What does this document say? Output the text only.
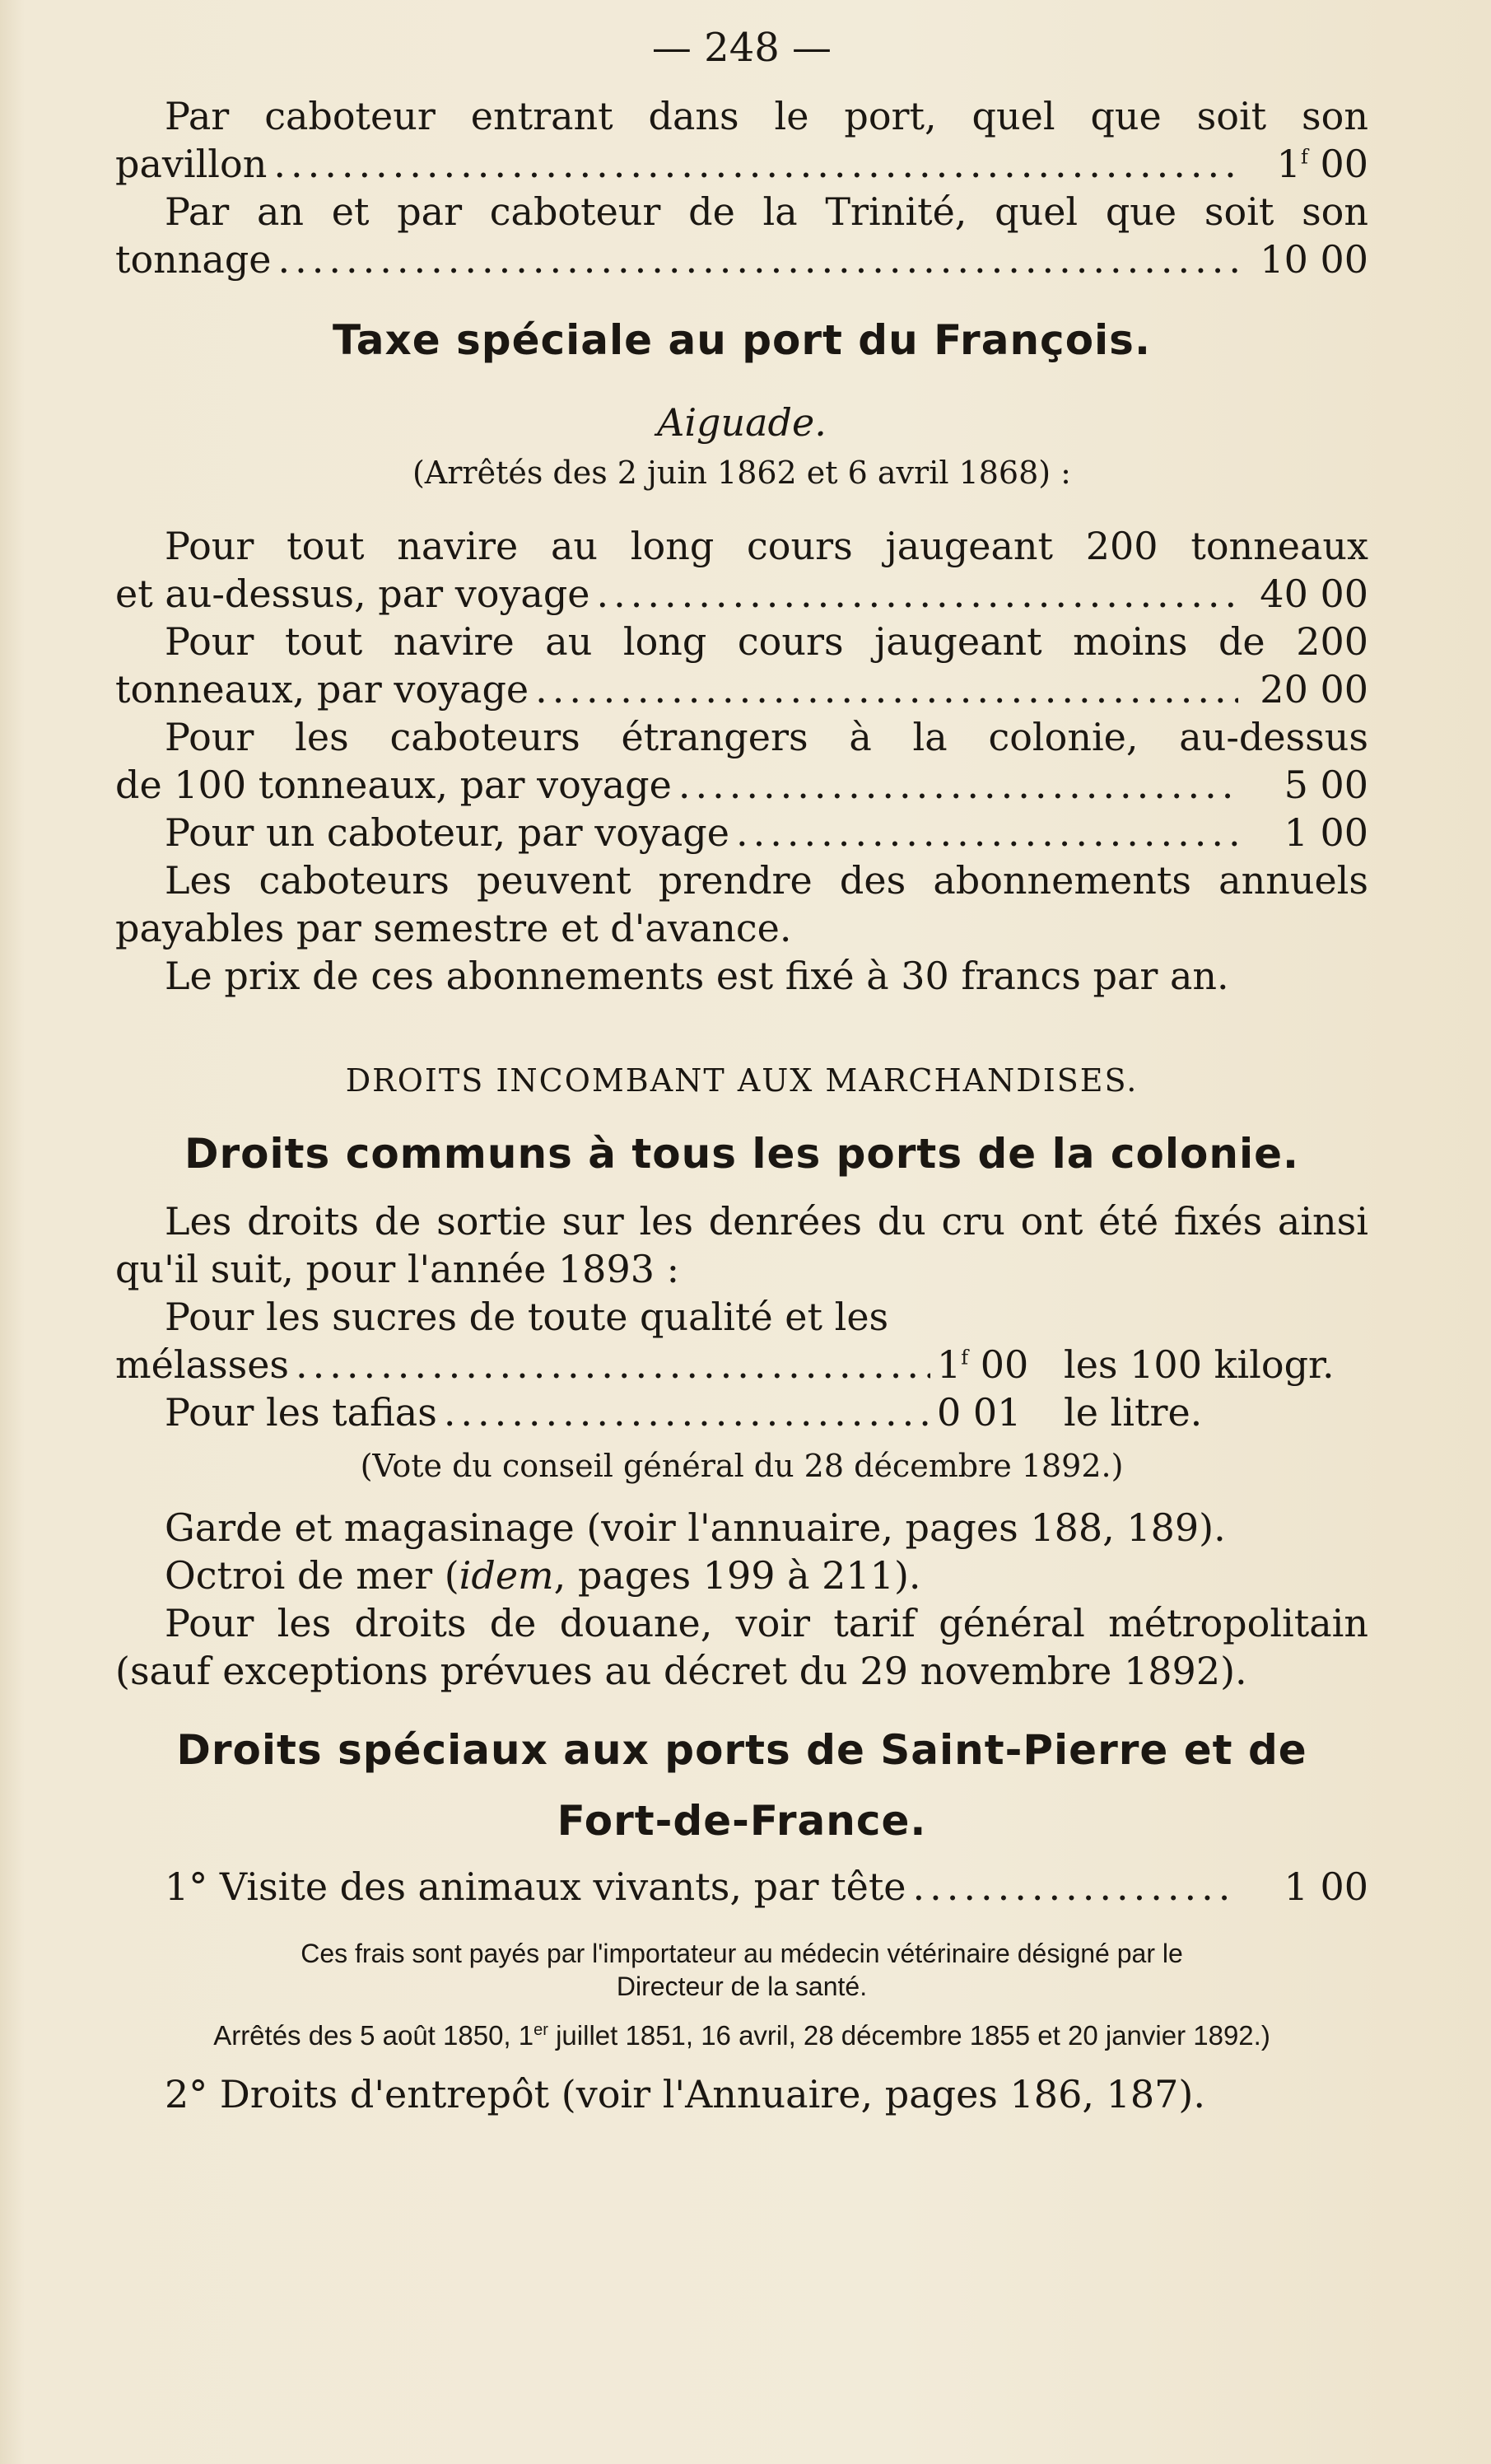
— 248 —
Par caboteur entrant dans le port, quel que soit son
pavillon .....	1$^f$ 00
Par an et par caboteur de la Trinité, quel que soit son
tonnage .....	10 00
Taxe spéciale au port du François.
Aiguade.
(Arrêtés des 2 juin 1862 et 6 avril 1868) :
Pour tout navire au long cours jaugeant 200 tonneaux
et au-dessus, par voyage .....	40 00
Pour tout navire au long cours jaugeant moins de 200
tonneaux, par voyage .....	20 00
Pour les caboteurs étrangers à la colonie, au-dessus
de 100 tonneaux, par voyage .....	5 00
Pour un caboteur, par voyage .....	1 00
Les caboteurs peuvent prendre des abonnements annuels
payables par semestre et d'avance.
Le prix de ces abonnements est fixé à 30 francs par an.
DROITS INCOMBANT AUX MARCHANDISES.
Droits communs à tous les ports de la colonie.
Les droits de sortie sur les denrées du cru ont été fixés ainsi
qu'il suit, pour l'année 1893 :
Pour les sucres de toute qualité et les
mélasses .....	1$^f$ 00 les 100 kilogr.
Pour les tafias .....	0 01	le litre.
(Vote du conseil général du 28 décembre 1892.)
Garde et magasinage (voir l'annuaire, pages 188, 189).
Octroi de mer ( idem , pages 199 à 211).
Pour les droits de douane, voir tarif général métropolitain
(sauf exceptions prévues au décret du 29 novembre 1892).
Droits spéciaux aux ports de Saint-Pierre et de
Fort-de-France.
1° Visite des animaux vivants, par tête .....	1 00
Ces frais sont payés par l'importateur au médecin vétérinaire désigné par le
Directeur de la santé.
Arrêtés des 5 août 1850, 1er juillet 1851, 16 avril, 28 décembre 1855 et 20 janvier 1892.)
2° Droits d'entrepôt (voir l'Annuaire, pages 186, 187).
